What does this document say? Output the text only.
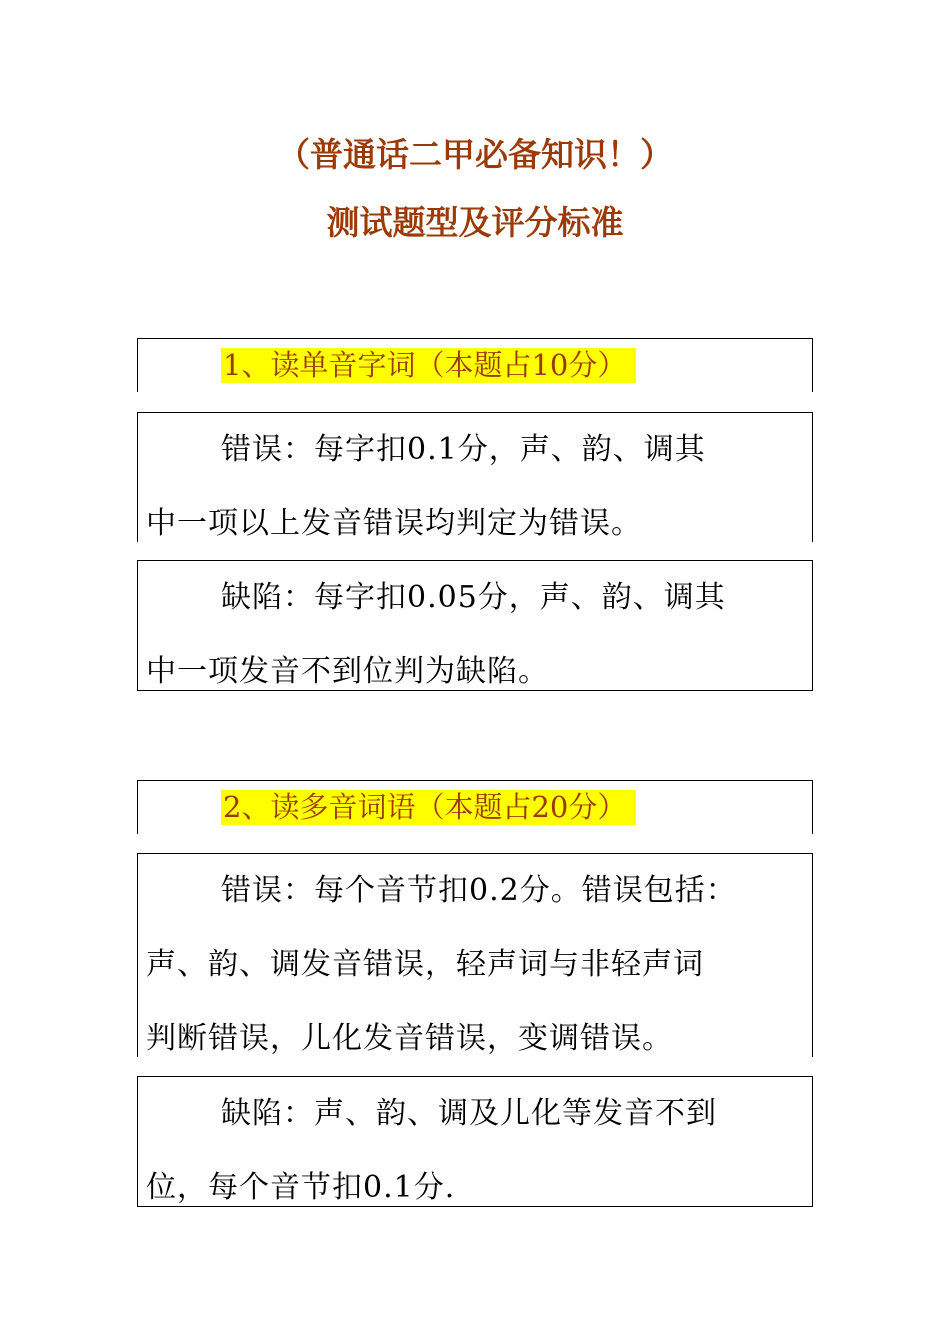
（普通话二甲必备知识！）
测试题型及评分标准
1、读单音字词（本题占10分）
错误：每字扣0.1分，声、韵、调其
中一项以上发音错误均判定为错误。
缺陷：每字扣0.05分，声、韵、调其
中一项发音不到位判为缺陷。
2、读多音词语（本题占20分）
错误：每个音节扣0.2分。错误包括：
声、韵、调发音错误，轻声词与非轻声词
判断错误，儿化发音错误，变调错误。
缺陷：声、韵、调及儿化等发音不到
位，每个音节扣0.1分.
